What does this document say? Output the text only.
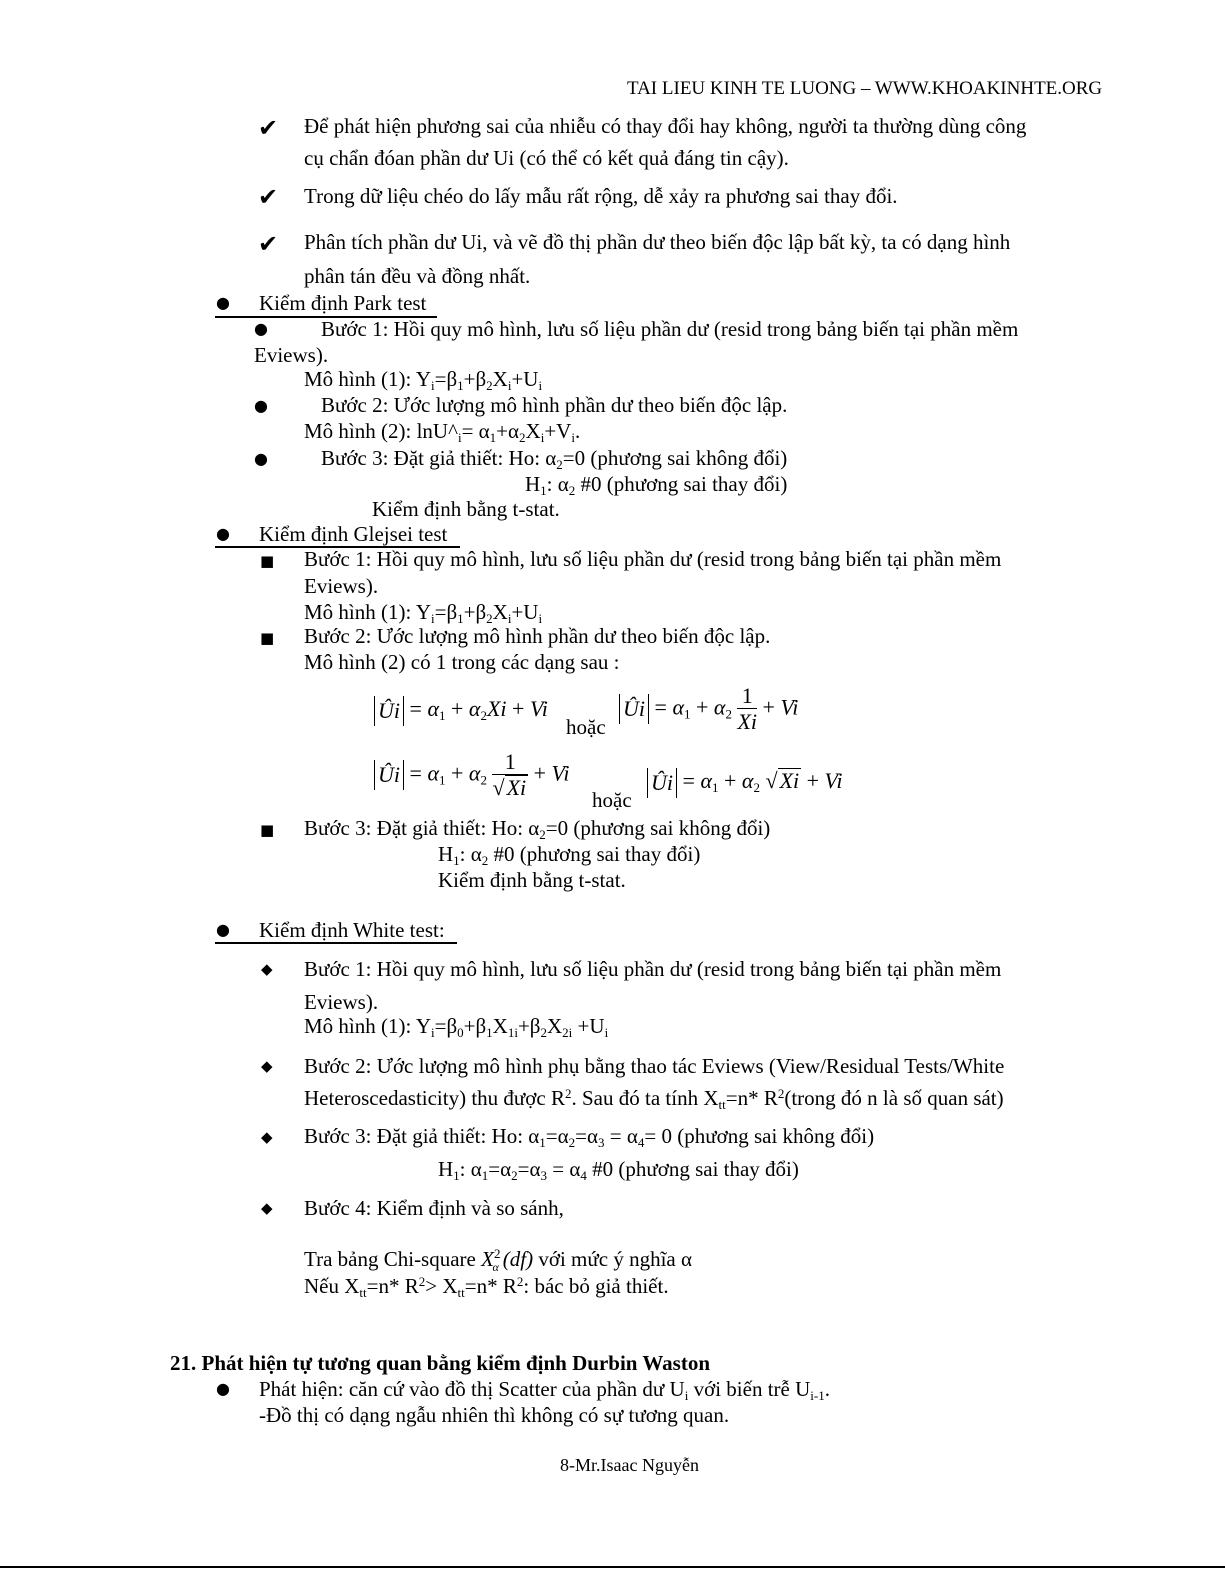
TAI LIEU KINH TE LUONG – WWW.KHOAKINHTE.ORG
✔ Để phát hiện phương sai của nhiễu có thay đổi hay không, người ta thường dùng công
cụ chẩn đóan phần dư Ui (có thể có kết quả đáng tin cậy).
✔ Trong dữ liệu chéo do lấy mẫu rất rộng, dễ xảy ra phương sai thay đổi.
✔ Phân tích phần dư Ui, và vẽ đồ thị phần dư theo biến độc lập bất kỳ, ta có dạng hình
phân tán đều và đồng nhất.
● Kiểm định Park test
●	Bước 1: Hồi quy mô hình, lưu số liệu phần dư (resid trong bảng biến tại phần mềm
Eviews).
Mô hình (1): $Y_i=\beta_1+\beta_2X_i+U_i$
●	Bước 2: Ước lượng mô hình phần dư theo biến độc lập.
Mô hình (2): $\ln U\^{}_i= \alpha_1+\alpha_2X_i+V_i$.
●	Bước 3: Đặt giả thiết: Ho: $\alpha_2=0$ (phương sai không đổi)
$H_1$: $\alpha_2$ #0 (phương sai thay đổi)
Kiểm định bằng t-stat.
● Kiểm định Glejsei test
■ Bước 1: Hồi quy mô hình, lưu số liệu phần dư (resid trong bảng biến tại phần mềm
Eviews).
Mô hình (1): $Y_i=\beta_1+\beta_2X_i+U_i$
■ Bước 2: Ước lượng mô hình phần dư theo biến độc lập.
Mô hình (2) có 1 trong các dạng sau :
Ûi = $\alpha_1 + \alpha_2Xi + Vi$
hoặc
Ûi = $\alpha_1 + \alpha_2 \frac{1}{Xi} + Vi$
Ûi = $\alpha_1 + \alpha_2 \frac{1}{√Xi} + Vi$
hoặc
Ûi = $\alpha_1 + \alpha_2$ √Xi + Vi
■ Bước 3: Đặt giả thiết: Ho: $\alpha_2=0$ (phương sai không đổi)
$H_1$: $\alpha_2$ #0 (phương sai thay đổi)
Kiểm định bằng t-stat.
● Kiểm định White test:
◆ Bước 1: Hồi quy mô hình, lưu số liệu phần dư (resid trong bảng biến tại phần mềm
Eviews).
Mô hình (1): $Y_i=\beta_0+\beta_1X_{1i}+\beta_2X_{2i} +U_i$
◆ Bước 2: Ước lượng mô hình phụ bằng thao tác Eviews (View/Residual Tests/White
Heteroscedasticity) thu được $R^2$. Sau đó ta tính $X_{tt}=n*$ $R^2(trong$ đó n là số quan sát)
◆ Bước 3: Đặt giả thiết: Ho: $\alpha_1=\alpha_2=\alpha_3 = \alpha_4= 0$ (phương sai không đổi)
$H_1$: $\alpha_1=\alpha_2=\alpha_3 = \alpha_4$ #0 (phương sai thay đổi)
◆ Bước 4: Kiểm định và so sánh,
Tra bảng Chi-square $X^2_\alpha$ (df) với mức ý nghĩa α
Nếu $X_{tt}=n*$ $R^2> X_{tt}=n*$ $R^2$: bác bỏ giả thiết.
21. Phát hiện tự tương quan bằng kiểm định Durbin Waston
● Phát hiện: căn cứ vào đồ thị Scatter của phần dư $U_i$ với biến trễ $U_{i-1}$.
-Đồ thị có dạng ngẫu nhiên thì không có sự tương quan.
8-Mr.Isaac Nguyễn
